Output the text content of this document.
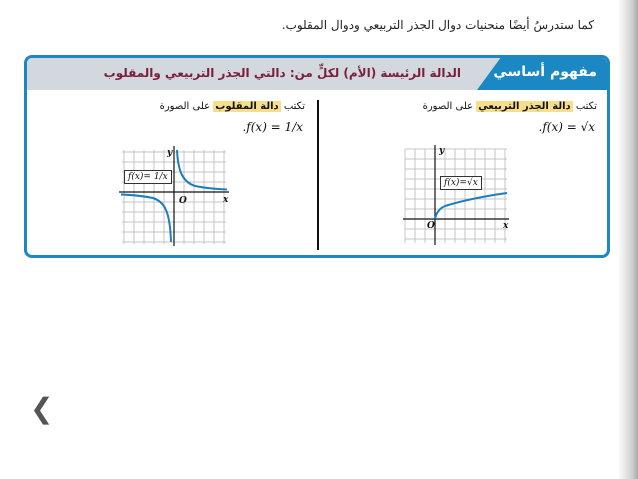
كما ستدرسُ أيضًا منحنيات دوال الجذر التربيعي ودوال المقلوب.
مفهوم أساسي
الدالة الرئيسة (الأم) لكلٍّ من: دالتي الجذر التربيعي والمقلوب
تكتب دالة الجذر التربيعي على الصورة
.f(x) = √x
f(x)=√x
y
x
O
تكتب دالة المقلوب على الصورة
.f(x) = 1/x
f(x)= 1/x
y
x
O
❮
